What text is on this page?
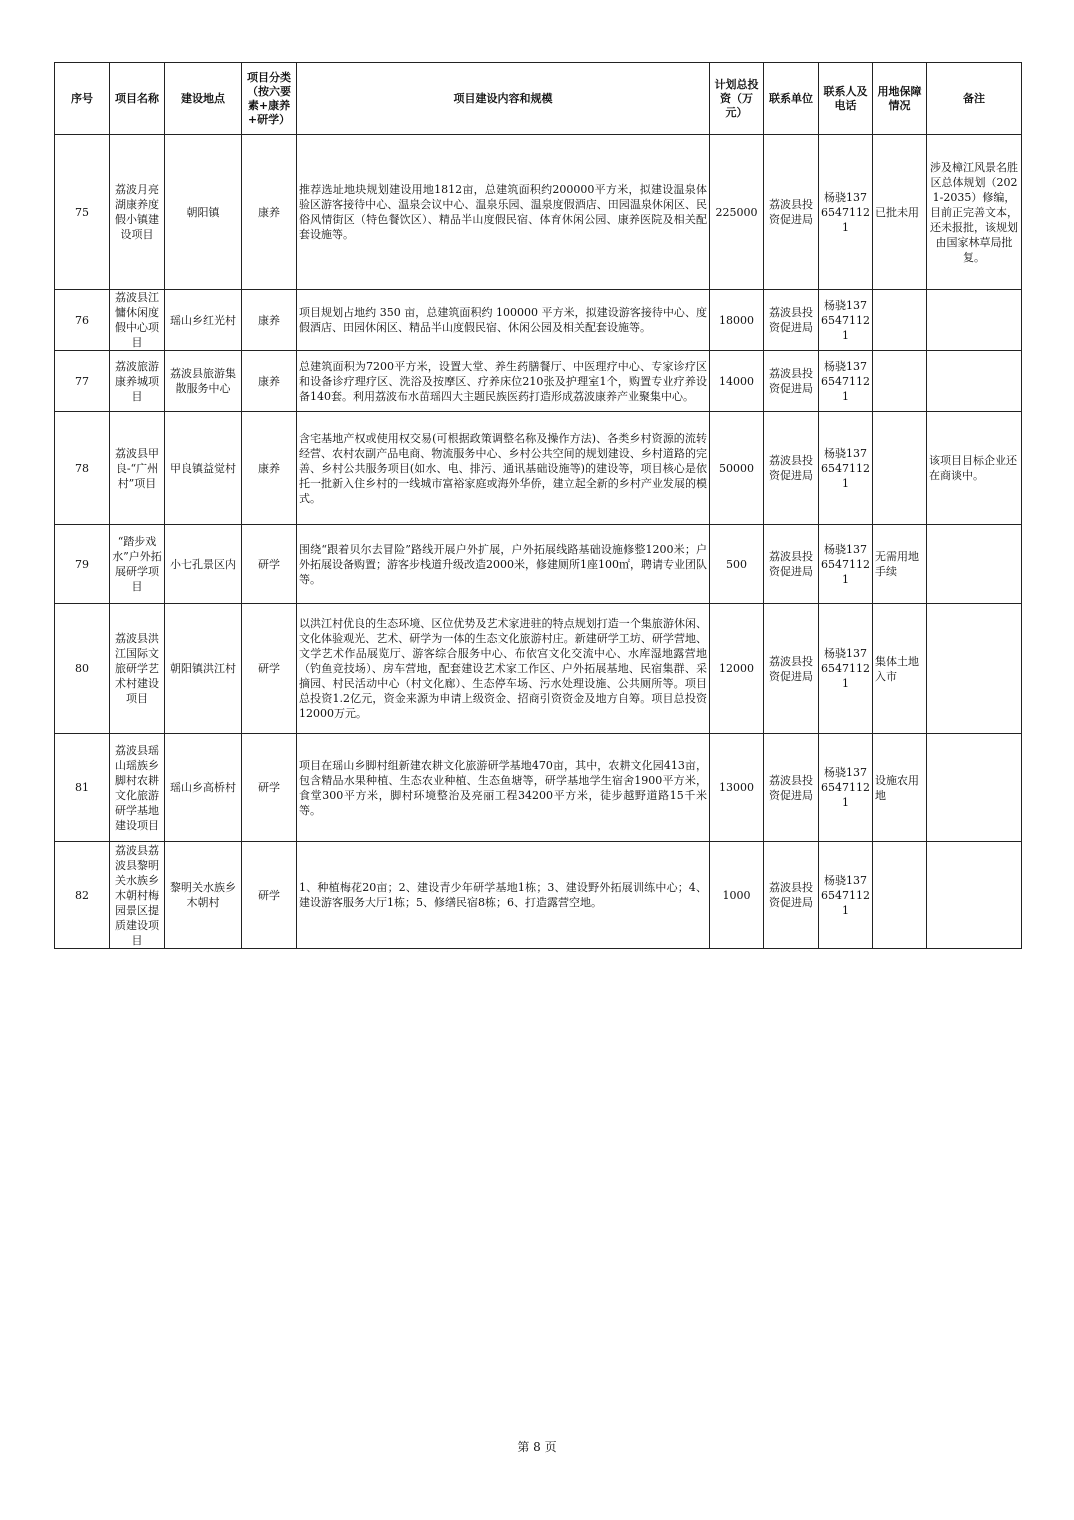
序号	项目名称	建设地点	项目分类（按六要素+康养+研学）	项目建设内容和规模	计划总投资（万元）	联系单位	联系人及电话	用地保障情况	备注
75	荔波月亮湖康养度假小镇建设项目	朝阳镇	康养	推荐选址地块规划建设用地1812亩，总建筑面积约200000平方米，拟建设温泉体验区游客接待中心、温泉会议中心、温泉乐园、温泉度假酒店、田园温泉休闲区、民俗风情街区（特色餐饮区）、精品半山度假民宿、体育休闲公园、康养医院及相关配套设施等。	225000	荔波县投资促进局	杨骁13765471121	已批未用	涉及樟江风景名胜区总体规划（2021-2035）修编，目前正完善文本，还未报批，该规划由国家林草局批复。
76	荔波县江慵休闲度假中心项目	瑶山乡红光村	康养	项目规划占地约 350 亩，总建筑面积约 100000 平方米，拟建设游客接待中心、度假酒店、田园休闲区、精品半山度假民宿、休闲公园及相关配套设施等。	18000	荔波县投资促进局	杨骁13765471121		
77	荔波旅游康养城项目	荔波县旅游集散服务中心	康养	总建筑面积为7200平方米，设置大堂、养生药膳餐厅、中医理疗中心、专家诊疗区和设备诊疗理疗区、洗浴及按摩区、疗养床位210张及护理室1个，购置专业疗养设备140套。利用荔波布水苗瑶四大主题民族医药打造形成荔波康养产业聚集中心。	14000	荔波县投资促进局	杨骁13765471121		
78	荔波县甲良-“广州村”项目	甲良镇益觉村	康养	含宅基地产权或使用权交易(可根据政策调整名称及操作方法)、各类乡村资源的流转经营、农村农副产品电商、物流服务中心、乡村公共空间的规划建设、乡村道路的完善、乡村公共服务项目(如水、电、排污、通讯基础设施等)的建设等，项目核心是依托一批新入住乡村的一线城市富裕家庭或海外华侨，建立起全新的乡村产业发展的模式。	50000	荔波县投资促进局	杨骁13765471121		该项目目标企业还在商谈中。
79	“踏步戏水”户外拓展研学项目	小七孔景区内	研学	围绕“跟着贝尔去冒险”路线开展户外扩展，户外拓展线路基础设施修整1200米；户外拓展设备购置；游客步栈道升级改造2000米，修建厕所1座100㎡，聘请专业团队等。	500	荔波县投资促进局	杨骁13765471121	无需用地手续	
80	荔波县洪江国际文旅研学艺术村建设项目	朝阳镇洪江村	研学	以洪江村优良的生态环境、区位优势及艺术家进驻的特点规划打造一个集旅游休闲、文化体验观光、艺术、研学为一体的生态文化旅游村庄。新建研学工坊、研学营地、文学艺术作品展览厅、游客综合服务中心、布依宫文化交流中心、水库湿地露营地（钓鱼竞技场）、房车营地，配套建设艺术家工作区、户外拓展基地、民宿集群、采摘园、村民活动中心（村文化廊）、生态停车场、污水处理设施、公共厕所等。项目总投资1.2亿元，资金来源为申请上级资金、招商引资资金及地方自筹。项目总投资12000万元。	12000	荔波县投资促进局	杨骁13765471121	集体土地入市	
81	荔波县瑶山瑶族乡脚村农耕文化旅游研学基地建设项目	瑶山乡高桥村	研学	项目在瑶山乡脚村组新建农耕文化旅游研学基地470亩，其中，农耕文化园413亩，包含精品水果种植、生态农业种植、生态鱼塘等，研学基地学生宿舍1900平方米，食堂300平方米，脚村环境整治及亮丽工程34200平方米，徒步越野道路15千米等。	13000	荔波县投资促进局	杨骁13765471121	设施农用地	
82	荔波县荔波县黎明关水族乡木朝村梅园景区提质建设项目	黎明关水族乡木朝村	研学	1、种植梅花20亩；2、建设青少年研学基地1栋；3、建设野外拓展训练中心；4、建设游客服务大厅1栋；5、修缮民宿8栋；6、打造露营空地。	1000	荔波县投资促进局	杨骁13765471121		
第 8 页
